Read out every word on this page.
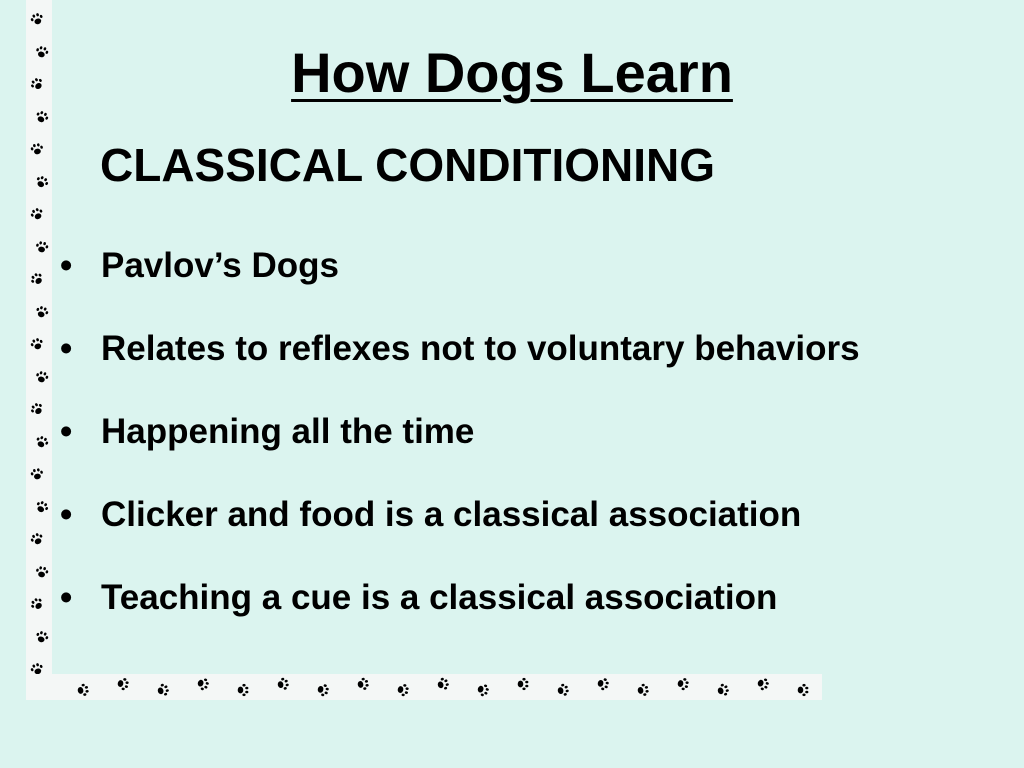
How Dogs Learn
CLASSICAL CONDITIONING
• Pavlov’s Dogs
• Relates to reflexes not to voluntary behaviors
• Happening all the time
• Clicker and food is a classical association
• Teaching a cue is a classical association
